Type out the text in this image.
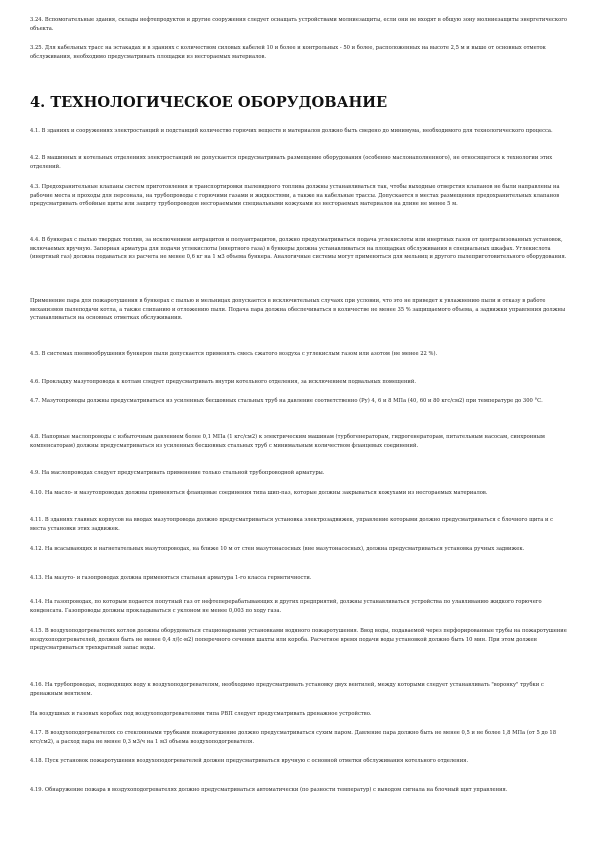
3.24. Вспомогательные здания, склады нефтепродуктов и другие сооружения следует оснащать устройствами молниезащиты, если они не входят в общую зону молниезащиты энергетического объекта.

3.25. Для кабельных трасс на эстакадах и в зданиях с количеством силовых кабелей 10 и более и контрольных - 50 и более, расположенных на высоте 2,5 м и выше от основных отметок обслуживания, необходимо предусматривать площадки из несгораемых материалов.

4. ТЕХНОЛОГИЧЕСКОЕ ОБОРУДОВАНИЕ

4.1. В зданиях и сооружениях электростанций и подстанций количество горючих веществ и материалов должно быть сведено до минимума, необходимого для технологического процесса.

4.2. В машинных и котельных отделениях электростанций не допускается предусматривать размещение оборудования (особенно маслонаполненного), не относящегося к технологии этих отделений.

4.3. Предохранительные клапаны систем приготовления и транспортировки пылевидного топлива должны устанавливаться так, чтобы выходные отверстия клапанов не были направлены на рабочие места и проходы для персонала, на трубопроводы с горючими газами и жидкостями, а также на кабельные трассы. Допускается в местах размещения предохранительных клапанов предусматривать отбойные щиты или защиту трубопроводов несгораемыми специальными кожухами из несгораемых материалов на длине не менее 5 м.

4.4. В бункерах с пылью твердых топлив, за исключением антрацитов и полуантрацитов, должно предусматриваться подача углекислоты или инертных газов от централизованных установок, включаемых вручную. Запорная арматура для подачи углекислоты (инертного газа) в бункеры должна устанавливаться на площадках обслуживания в специальных шкафах. Углекислота (инертный газ) должна подаваться из расчета не менее 0,6 кг на 1 м3 объема бункера. Аналогичные системы могут применяться для мельниц и другого пылеприготовительного оборудования.

Применение пара для пожаротушения в бункерах с пылью и мельницах допускается в исключительных случаях при условии, что это не приведет к увлажнению пыли и отказу в работе механизмов пылеподачи котла, а также слипанию и отложению пыли. Подача пара должна обеспечиваться в количестве не менее 35 % защищаемого объема, а задвижки управления должны устанавливаться на основных отметках обслуживания.

4.5. В системах пневмообрушения бункеров пыли допускается применять смесь сжатого воздуха с углекислым газом или азотом (не менее 22 %).

4.6. Прокладку мазутопровода к котлам следует предусматривать внутри котельного отделения, за исключением подвальных помещений.

4.7. Мазутопроводы должны предусматриваться из усиленных бесшовных стальных труб на давление соответственно (Ру) 4, 6 и 8 МПа (40, 60 и 80 кгс/см2) при температуре до 300 °С.

4.8. Напорные маслопроводы с избыточным давлением более 0,1 МПа (1 кгс/см2) к электрическим машинам (турбогенераторам, гидрогенераторам, питательным насосам, синхронным компенсаторам) должны предусматриваться из усиленных бесшовных стальных труб с минимальным количеством фланцевых соединений.

4.9. На маслопроводах следует предусматривать применение только стальной трубопроводной арматуры.

4.10. На масло- и мазутопроводах должны применяться фланцевые соединения типа шип-паз, которые должны закрываться кожухами из несгораемых материалов.

4.11. В зданиях главных корпусов на вводах мазутопровода должно предусматриваться установка электрозадвижек, управление которыми должно предусматриваться с блочного щита и с места установки этих задвижек.

4.12. На всасывающих и нагнетательных мазутопроводах, на ближе 10 м от стен мазутонасосных (вне мазутонасосных), должна предусматриваться установка ручных задвижек.

4.13. На мазуто- и газопроводах должна применяться стальная арматура 1-го класса герметичности.

4.14. На газопроводах, по которым подается попутный газ от нефтеперерабатывающих и других предприятий, должны устанавливаться устройства по улавливанию жидкого горючего конденсата. Газопроводы должны прокладываться с уклоном не менее 0,003 по ходу газа.

4.15. В воздухоподогревателях котлов должны оборудоваться стационарными установками водяного пожаротушения. Ввод воды, подаваемой через перфорированные трубы на пожаротушение воздухоподогревателей, должен быть не менее 0,4 л/(с·м2) поперечного сечения шахты или короба. Расчетное время подачи воды установкой должно быть 10 мин. При этом должен предусматриваться трехкратный запас воды.

4.16. На трубопроводах, подводящих воду к воздухоподогревателям, необходимо предусматривать установку двух вентилей, между которыми следует устанавливать "воронку" трубки с дренажным вентилем.

На воздушных и газовых коробах под воздухоподогревателями типа РВП следует предусматривать дренажное устройство.

4.17. В воздухоподогревателях со стеклянными трубками пожаротушение должно предусматриваться сухим паром. Давление пара должно быть не менее 0,5 и не более 1,8 МПа (от 5 до 18 кгс/см2), а расход пара не менее 0,3 м3/ч на 1 м3 объема воздухоподогревателя.

4.18. Пуск установок пожаротушения воздухоподогревателей должен предусматриваться вручную с основной отметки обслуживания котельного отделения.

4.19. Обнаружение пожара в воздухоподогревателях должно предусматриваться автоматически (по разности температур) с выводом сигнала на блочный щит управления.
